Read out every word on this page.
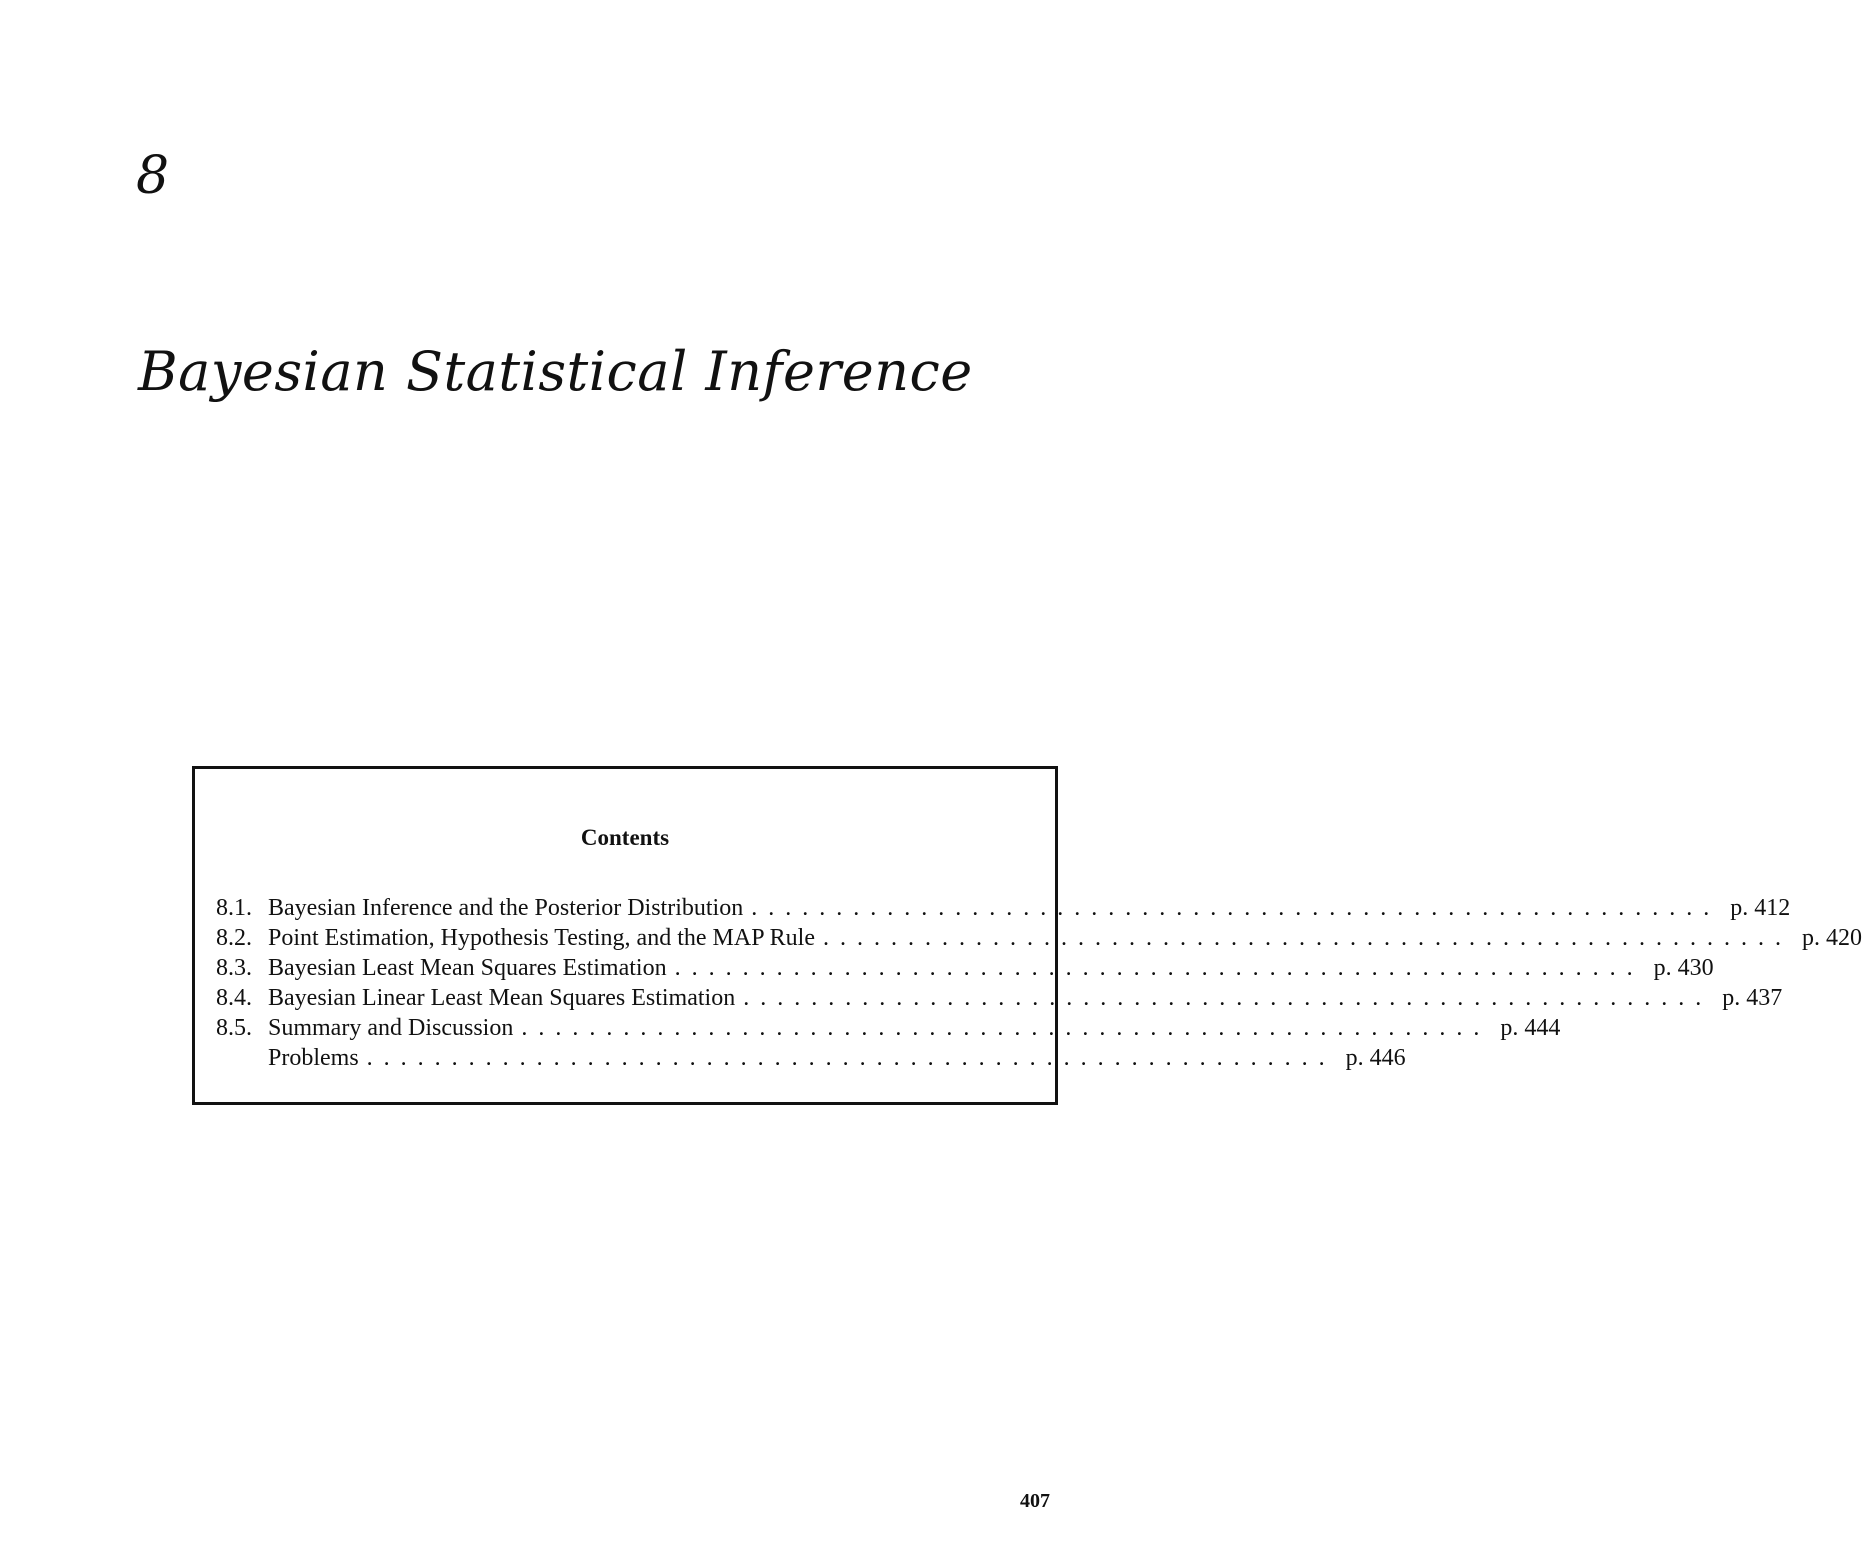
8
Bayesian Statistical Inference
Contents
8.1. Bayesian Inference and the Posterior Distribution ......................................................... p. 412
8.2. Point Estimation, Hypothesis Testing, and the MAP Rule ......................................................... p. 420
8.3. Bayesian Least Mean Squares Estimation ......................................................... p. 430
8.4. Bayesian Linear Least Mean Squares Estimation ......................................................... p. 437
8.5. Summary and Discussion ......................................................... p. 444
Problems ......................................................... p. 446
407
